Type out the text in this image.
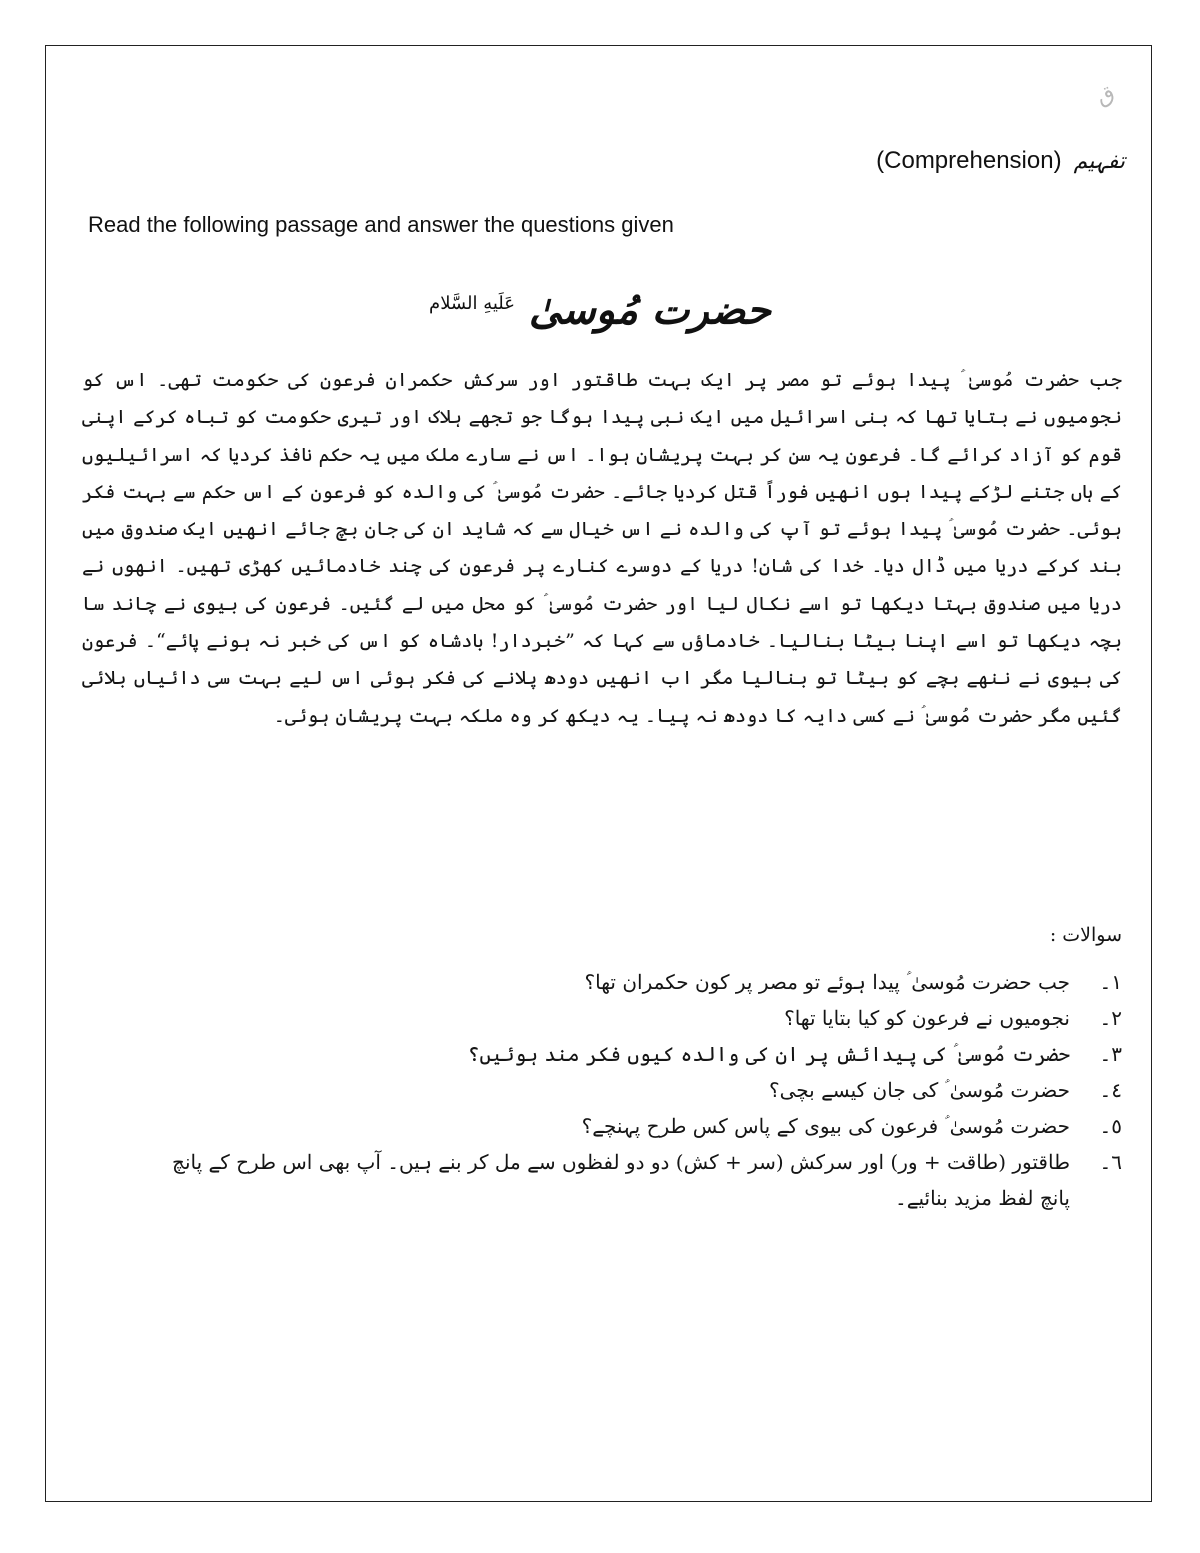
ق
(Comprehension) تفہیم
Read the following passage and answer the questions given
حضرت مُوسیٰ $^{عَلَیهِ السَّلام}$
جب حضرت مُوسیٰ ؑ پیدا ہوئے تو مصر پر ایک بہت طاقتور اور سرکش حکمران فرعون کی حکومت تھی۔ اس کو نجومیوں نے بتایا تھا کہ بنی اسرائیل میں ایک نبی پیدا ہوگا جو تجھے ہلاک اور تیری حکومت کو تباہ کرکے اپنی قوم کو آزاد کرائے گا۔ فرعون یہ سن کر بہت پریشان ہوا۔ اس نے سارے ملک میں یہ حکم نافذ کردیا کہ اسرائیلیوں کے ہاں جتنے لڑکے پیدا ہوں انھیں فوراً قتل کردیا جائے۔ حضرت مُوسیٰ ؑ کی والدہ کو فرعون کے اس حکم سے بہت فکر ہوئی۔ حضرت مُوسیٰ ؑ پیدا ہوئے تو آپ کی والدہ نے اس خیال سے کہ شاید ان کی جان بچ جائے انھیں ایک صندوق میں بند کرکے دریا میں ڈال دیا۔ خدا کی شان! دریا کے دوسرے کنارے پر فرعون کی چند خادمائیں کھڑی تھیں۔ انھوں نے دریا میں صندوق بہتا دیکھا تو اسے نکال لیا اور حضرت مُوسیٰ ؑ کو محل میں لے گئیں۔ فرعون کی بیوی نے چاند سا بچہ دیکھا تو اسے اپنا بیٹا بنالیا۔ خادماؤں سے کہا کہ ”خبردار! بادشاہ کو اس کی خبر نہ ہونے پائے“۔ فرعون کی بیوی نے ننھے بچے کو بیٹا تو بنالیا مگر اب انھیں دودھ پلانے کی فکر ہوئی اس لیے بہت سی دائیاں بلائی گئیں مگر حضرت مُوسیٰ ؑ نے کسی دایہ کا دودھ نہ پیا۔ یہ دیکھ کر وہ ملکہ بہت پریشان ہوئی۔
سوالات :
١۔
جب حضرت مُوسیٰ ؑ پیدا ہوئے تو مصر پر کون حکمران تھا؟
٢۔
نجومیوں نے فرعون کو کیا بتایا تھا؟
٣۔
حضرت مُوسیٰ ؑ کی پیدائش پر ان کی والدہ کیوں فکر مند ہوئیں؟
٤۔
حضرت مُوسیٰ ؑ کی جان کیسے بچی؟
٥۔
حضرت مُوسیٰ ؑ فرعون کی بیوی کے پاس کس طرح پہنچے؟
٦۔
طاقتور (طاقت + ور) اور سرکش (سر + کش) دو دو لفظوں سے مل کر بنے ہیں۔ آپ بھی اس طرح کے پانچ
پانچ لفظ مزید بنائیے۔
